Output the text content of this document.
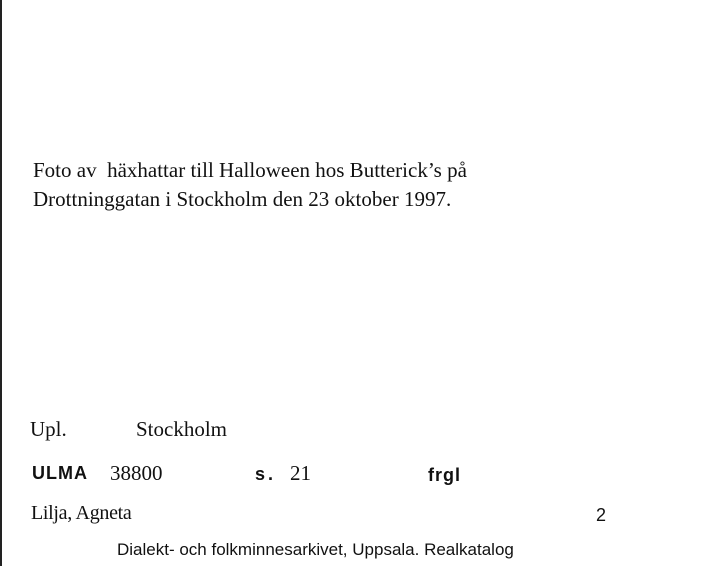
Foto av  häxhattar till Halloween hos Butterick’s på
Drottninggatan i Stockholm den 23 oktober 1997.
Upl.	Stockholm
ULMA 38800	s. 21	frgl
Lilja, Agneta	2
Dialekt- och folkminnesarkivet, Uppsala. Realkatalog
